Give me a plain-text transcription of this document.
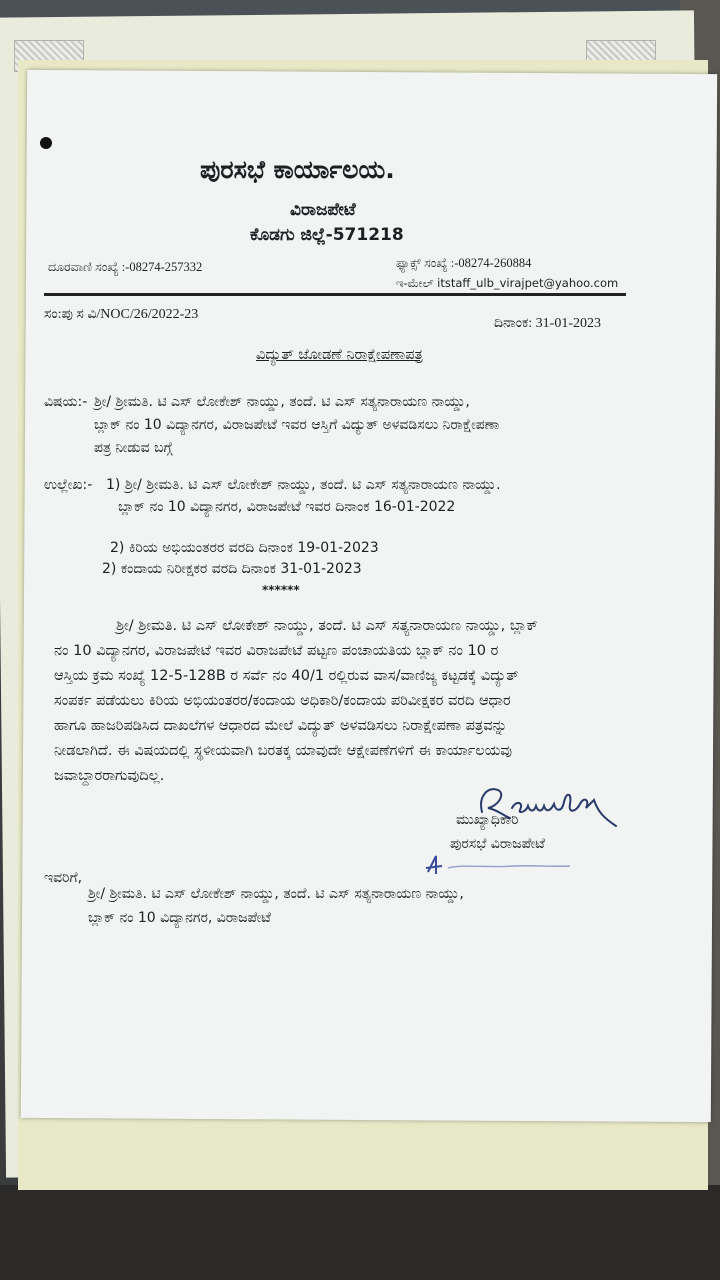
ಪುರಸಭೆ ಕಾರ್ಯಾಲಯ.
ವಿರಾಜಪೇಟೆ
ಕೊಡಗು ಜಿಲ್ಲೆ-571218
ದೂರವಾಣಿ ಸಂಖ್ಯೆ :-08274-257332	ಫ್ಯಾಕ್ಸ್ ಸಂಖ್ಯೆ :-08274-260884
ಇ-ಮೇಲ್ itstaff_ulb_virajpet@yahoo.com
ಸಂ:ಪು ಸ ವಿ/NOC/26/2022-23
ದಿನಾಂಕ: 31-01-2023
ವಿದ್ಯುತ್ ಜೋಡಣೆ ನಿರಾಕ್ಷೇಪಣಾಪತ್ರ
ವಿಷಯ:- ಶ್ರೀ/ ಶ್ರೀಮತಿ. ಟಿ ಎಸ್ ಲೋಕೇಶ್ ನಾಯ್ಡು, ತಂದೆ. ಟಿ ಎಸ್ ಸತ್ಯನಾರಾಯಣ ನಾಯ್ಡು,
ಬ್ಲಾಕ್ ನಂ 10 ವಿದ್ಯಾನಗರ, ವಿರಾಜಪೇಟೆ ಇವರ ಆಸ್ತಿಗೆ ವಿದ್ಯುತ್ ಅಳವಡಿಸಲು ನಿರಾಕ್ಷೇಪಣಾ
ಪತ್ರ ನೀಡುವ ಬಗ್ಗೆ
ಉಲ್ಲೇಖ:- 1) ಶ್ರೀ/ ಶ್ರೀಮತಿ. ಟಿ ಎಸ್ ಲೋಕೇಶ್ ನಾಯ್ಡು, ತಂದೆ. ಟಿ ಎಸ್ ಸತ್ಯನಾರಾಯಣ ನಾಯ್ಡು.
ಬ್ಲಾಕ್ ನಂ 10 ವಿದ್ಯಾನಗರ, ವಿರಾಜಪೇಟೆ ಇವರ ದಿನಾಂಕ 16-01-2022
2) ಕಿರಿಯ ಅಭಿಯಂತರರ ವರದಿ ದಿನಾಂಕ 19-01-2023
2) ಕಂದಾಯ ನಿರೀಕ್ಷಕರ ವರದಿ ದಿನಾಂಕ 31-01-2023
******
ಶ್ರೀ/ ಶ್ರೀಮತಿ. ಟಿ ಎಸ್ ಲೋಕೇಶ್ ನಾಯ್ಡು, ತಂದೆ. ಟಿ ಎಸ್ ಸತ್ಯನಾರಾಯಣ ನಾಯ್ಡು, ಬ್ಲಾಕ್
ನಂ 10 ವಿದ್ಯಾನಗರ, ವಿರಾಜಪೇಟೆ ಇವರ ವಿರಾಜಪೇಟೆ ಪಟ್ಟಣ ಪಂಚಾಯತಿಯ ಬ್ಲಾಕ್ ನಂ 10 ರ
ಆಸ್ತಿಯ ಕ್ರಮ ಸಂಖ್ಯೆ 12-5-128B ರ ಸರ್ವೆ ನಂ 40/1 ರಲ್ಲಿರುವ ವಾಸ/ವಾಣಿಜ್ಯ ಕಟ್ಟಡಕ್ಕೆ ವಿದ್ಯುತ್
ಸಂಪರ್ಕ ಪಡೆಯಲು ಕಿರಿಯ ಅಭಿಯಂತರರ/ಕಂದಾಯ ಅಧಿಕಾರಿ/ಕಂದಾಯ ಪರಿವೀಕ್ಷಕರ ವರದಿ ಆಧಾರ
ಹಾಗೂ ಹಾಜರಿಪಡಿಸಿದ ದಾಖಲೆಗಳ ಆಧಾರದ ಮೇಲೆ ವಿದ್ಯುತ್ ಅಳವಡಿಸಲು ನಿರಾಕ್ಷೇಪಣಾ ಪತ್ರವನ್ನು
ನೀಡಲಾಗಿದೆ. ಈ ವಿಷಯದಲ್ಲಿ ಸ್ಥಳೀಯವಾಗಿ ಬರತಕ್ಕ ಯಾವುದೇ ಆಕ್ಷೇಪಣೆಗಳಿಗೆ ಈ ಕಾರ್ಯಾಲಯವು
ಜವಾಬ್ದಾರರಾಗುವುದಿಲ್ಲ.
ಮುಖ್ಯಾಧಿಕಾರಿ
ಪುರಸಭೆ ವಿರಾಜಪೇಟೆ
ಇವರಿಗೆ,
ಶ್ರೀ/ ಶ್ರೀಮತಿ. ಟಿ ಎಸ್ ಲೋಕೇಶ್ ನಾಯ್ಡು, ತಂದೆ. ಟಿ ಎಸ್ ಸತ್ಯನಾರಾಯಣ ನಾಯ್ಡು,
ಬ್ಲಾಕ್ ನಂ 10 ವಿದ್ಯಾನಗರ, ವಿರಾಜಪೇಟೆ
